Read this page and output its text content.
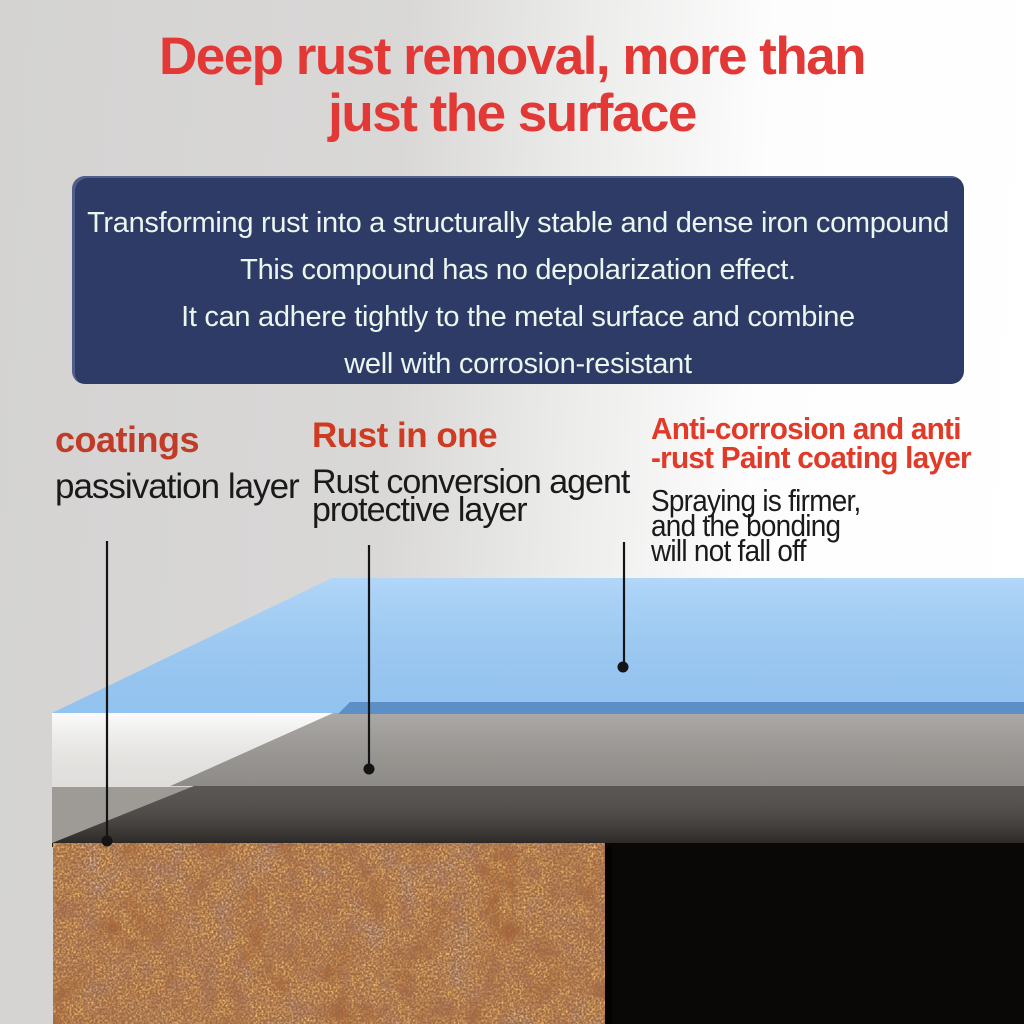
Deep rust removal, more than
just the surface
Transforming rust into a structurally stable and dense iron compound
This compound has no depolarization effect.
It can adhere tightly to the metal surface and combine
well with corrosion-resistant
coatings
passivation layer
Rust in one
Rust conversion agent
protective layer
Anti-corrosion and anti
-rust Paint coating layer
Spraying is firmer,
and the bonding
will not fall off
